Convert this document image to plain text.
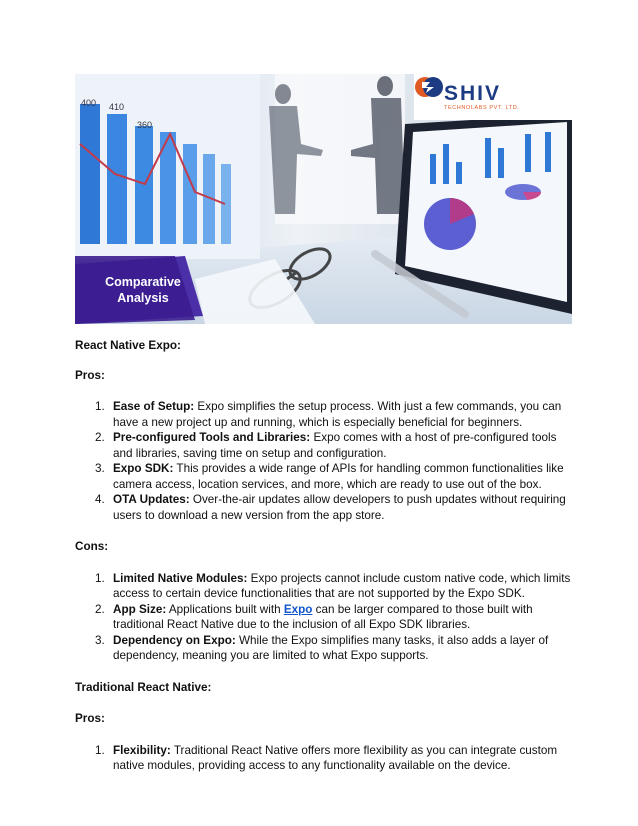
400 410
360
SHIV
TECHNOLABS PVT. LTD.
Comparative Analysis

React Native Expo:

Pros:

1. Ease of Setup: Expo simplifies the setup process. With just a few commands, you can have a new project up and running, which is especially beneficial for beginners.
2. Pre-configured Tools and Libraries: Expo comes with a host of pre-configured tools and libraries, saving time on setup and configuration.
3. Expo SDK: This provides a wide range of APIs for handling common functionalities like camera access, location services, and more, which are ready to use out of the box.
4. OTA Updates: Over-the-air updates allow developers to push updates without requiring users to download a new version from the app store.

Cons:

1. Limited Native Modules: Expo projects cannot include custom native code, which limits access to certain device functionalities that are not supported by the Expo SDK.
2. App Size: Applications built with Expo can be larger compared to those built with traditional React Native due to the inclusion of all Expo SDK libraries.
3. Dependency on Expo: While the Expo simplifies many tasks, it also adds a layer of dependency, meaning you are limited to what Expo supports.

Traditional React Native:

Pros:

1. Flexibility: Traditional React Native offers more flexibility as you can integrate custom native modules, providing access to any functionality available on the device.
